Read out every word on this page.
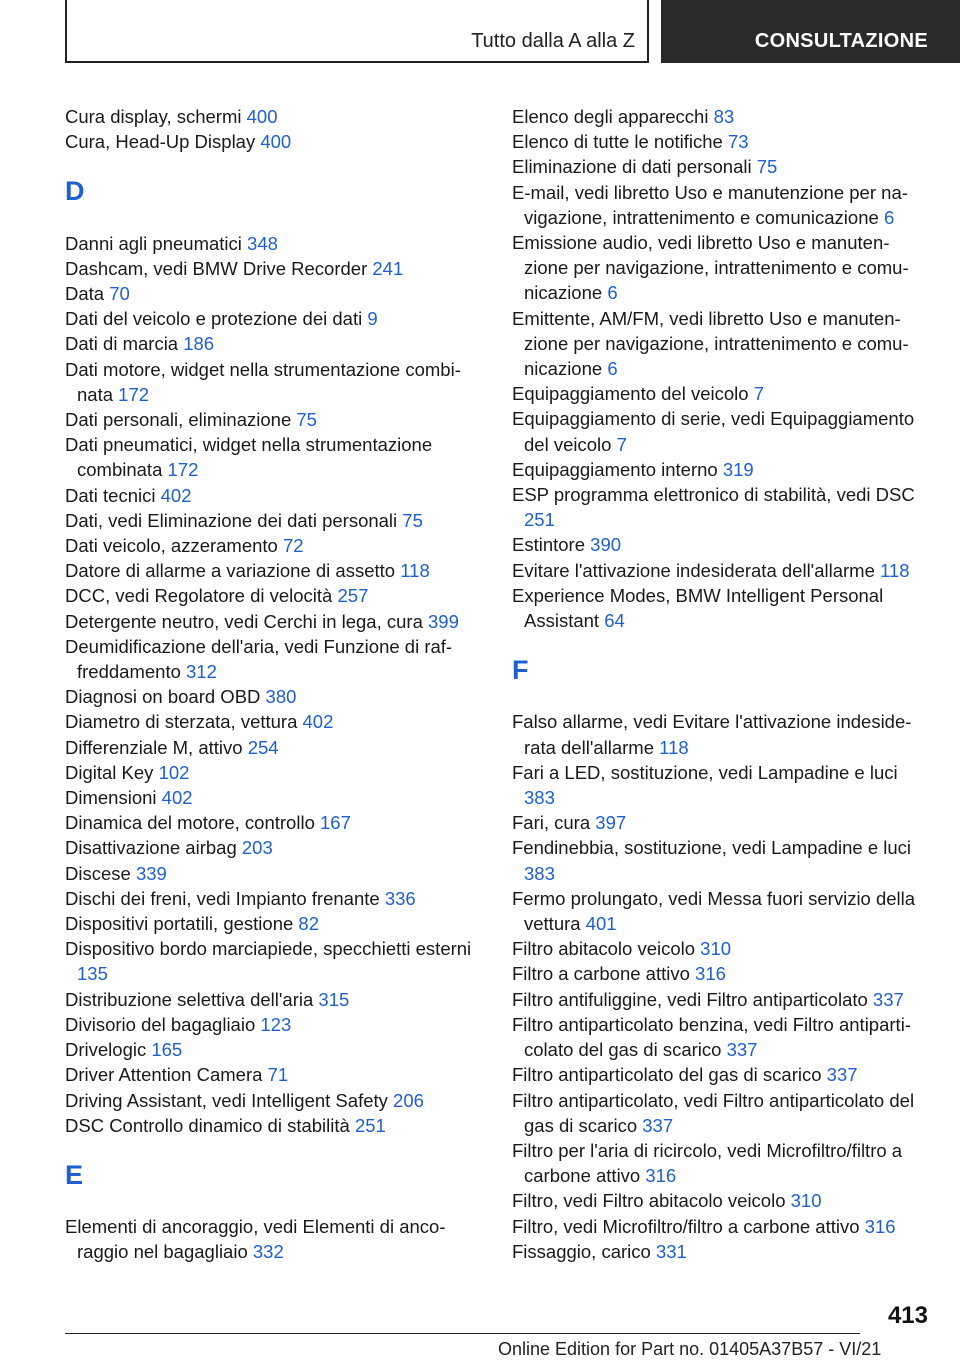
Tutto dalla A alla Z	CONSULTAZIONE

Cura display, schermi 400

Cura, Head-Up Display 400

D

Danni agli pneumatici 348

Dashcam, vedi BMW Drive Recorder 241

Data 70

Dati del veicolo e protezione dei dati 9

Dati di marcia 186

Dati motore, widget nella strumentazione combi-nata 172

Dati personali, eliminazione 75

Dati pneumatici, widget nella strumentazione combinata 172

Dati tecnici 402

Dati, vedi Eliminazione dei dati personali 75

Dati veicolo, azzeramento 72

Datore di allarme a variazione di assetto 118

DCC, vedi Regolatore di velocità 257

Detergente neutro, vedi Cerchi in lega, cura 399

Deumidificazione dell'aria, vedi Funzione di raf-freddamento 312

Diagnosi on board OBD 380

Diametro di sterzata, vettura 402

Differenziale M, attivo 254

Digital Key 102

Dimensioni 402

Dinamica del motore, controllo 167

Disattivazione airbag 203

Discese 339

Dischi dei freni, vedi Impianto frenante 336

Dispositivi portatili, gestione 82

Dispositivo bordo marciapiede, specchietti esterni 135

Distribuzione selettiva dell'aria 315

Divisorio del bagagliaio 123

Drivelogic 165

Driver Attention Camera 71

Driving Assistant, vedi Intelligent Safety 206

DSC Controllo dinamico di stabilità 251

E

Elementi di ancoraggio, vedi Elementi di anco-raggio nel bagagliaio 332

Elenco degli apparecchi 83

Elenco di tutte le notifiche 73

Eliminazione di dati personali 75

E-mail, vedi libretto Uso e manutenzione per na-vigazione, intrattenimento e comunicazione 6

Emissione audio, vedi libretto Uso e manuten-zione per navigazione, intrattenimento e comu-nicazione 6

Emittente, AM/FM, vedi libretto Uso e manuten-zione per navigazione, intrattenimento e comu-nicazione 6

Equipaggiamento del veicolo 7

Equipaggiamento di serie, vedi Equipaggiamento del veicolo 7

Equipaggiamento interno 319

ESP programma elettronico di stabilità, vedi DSC 251

Estintore 390

Evitare l'attivazione indesiderata dell'allarme 118

Experience Modes, BMW Intelligent Personal Assistant 64

F

Falso allarme, vedi Evitare l'attivazione indeside-rata dell'allarme 118

Fari a LED, sostituzione, vedi Lampadine e luci 383

Fari, cura 397

Fendinebbia, sostituzione, vedi Lampadine e luci 383

Fermo prolungato, vedi Messa fuori servizio della vettura 401

Filtro abitacolo veicolo 310

Filtro a carbone attivo 316

Filtro antifuliggine, vedi Filtro antiparticolato 337

Filtro antiparticolato benzina, vedi Filtro antiparti-colato del gas di scarico 337

Filtro antiparticolato del gas di scarico 337

Filtro antiparticolato, vedi Filtro antiparticolato del gas di scarico 337

Filtro per l'aria di ricircolo, vedi Microfiltro/filtro a carbone attivo 316

Filtro, vedi Filtro abitacolo veicolo 310

Filtro, vedi Microfiltro/filtro a carbone attivo 316

Fissaggio, carico 331

413
Online Edition for Part no. 01405A37B57 - VI/21
